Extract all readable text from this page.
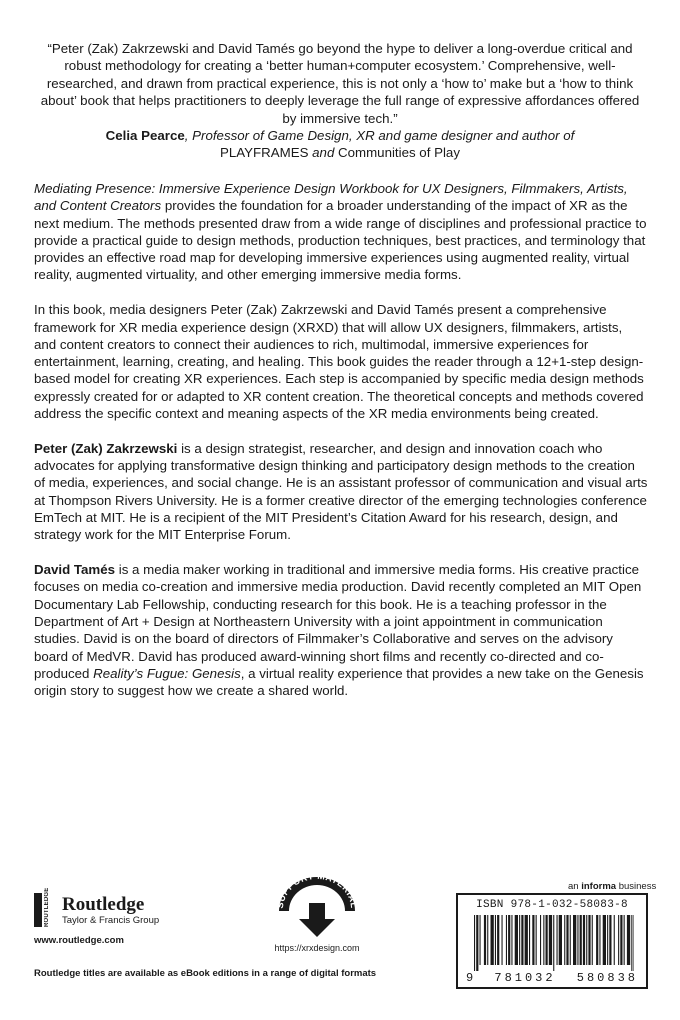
“Peter (Zak) Zakrzewski and David Tamés go beyond the hype to deliver a long-overdue critical and robust methodology for creating a ‘better human+computer ecosystem.’ Comprehensive, well-researched, and drawn from practical experience, this is not only a ‘how to’ make but a ‘how to think about’ book that helps practitioners to deeply leverage the full range of expressive affordances offered by immersive tech.”

Celia Pearce, Professor of Game Design, XR and game designer and author of

PLAYFRAMES and Communities of Play

Mediating Presence: Immersive Experience Design Workbook for UX Designers, Filmmakers, Artists, and Content Creators provides the foundation for a broader understanding of the impact of XR as the next medium. The methods presented draw from a wide range of disciplines and professional practice to provide a practical guide to design methods, production techniques, best practices, and terminology that provides an effective road map for developing immersive experiences using augmented reality, virtual reality, augmented virtuality, and other emerging immersive media forms.

In this book, media designers Peter (Zak) Zakrzewski and David Tamés present a comprehensive framework for XR media experience design (XRXD) that will allow UX designers, filmmakers, artists, and content creators to connect their audiences to rich, multimodal, immersive experiences for entertainment, learning, creating, and healing. This book guides the reader through a 12+1-step design-based model for creating XR experiences. Each step is accompanied by specific media design methods expressly created for or adapted to XR content creation. The theoretical concepts and methods covered address the specific context and meaning aspects of the XR media environments being created.

Peter (Zak) Zakrzewski is a design strategist, researcher, and design and innovation coach who advocates for applying transformative design thinking and participatory design methods to the creation of media, experiences, and social change. He is an assistant professor of communication and visual arts at Thompson Rivers University. He is a former creative director of the emerging technologies conference EmTech at MIT. He is a recipient of the MIT President’s Citation Award for his research, design, and strategy work for the MIT Enterprise Forum.

David Tamés is a media maker working in traditional and immersive media forms. His creative practice focuses on media co-creation and immersive media production. David recently completed an MIT Open Documentary Lab Fellowship, conducting research for this book. He is a teaching professor in the Department of Art + Design at Northeastern University with a joint appointment in communication studies. David is on the board of directors of Filmmaker’s Collaborative and serves on the advisory board of MedVR. David has produced award-winning short films and recently co-directed and co-produced Reality’s Fugue: Genesis, a virtual reality experience that provides a new take on the Genesis origin story to suggest how we create a shared world.

ROUTLEDGE Routledge
Taylor & Francis Group
www.routledge.com
SUPPORT MATERIAL
https://xrxdesign.com
an informa business
ISBN 978-1-032-58083-8
9 781032 580838
Routledge titles are available as eBook editions in a range of digital formats
